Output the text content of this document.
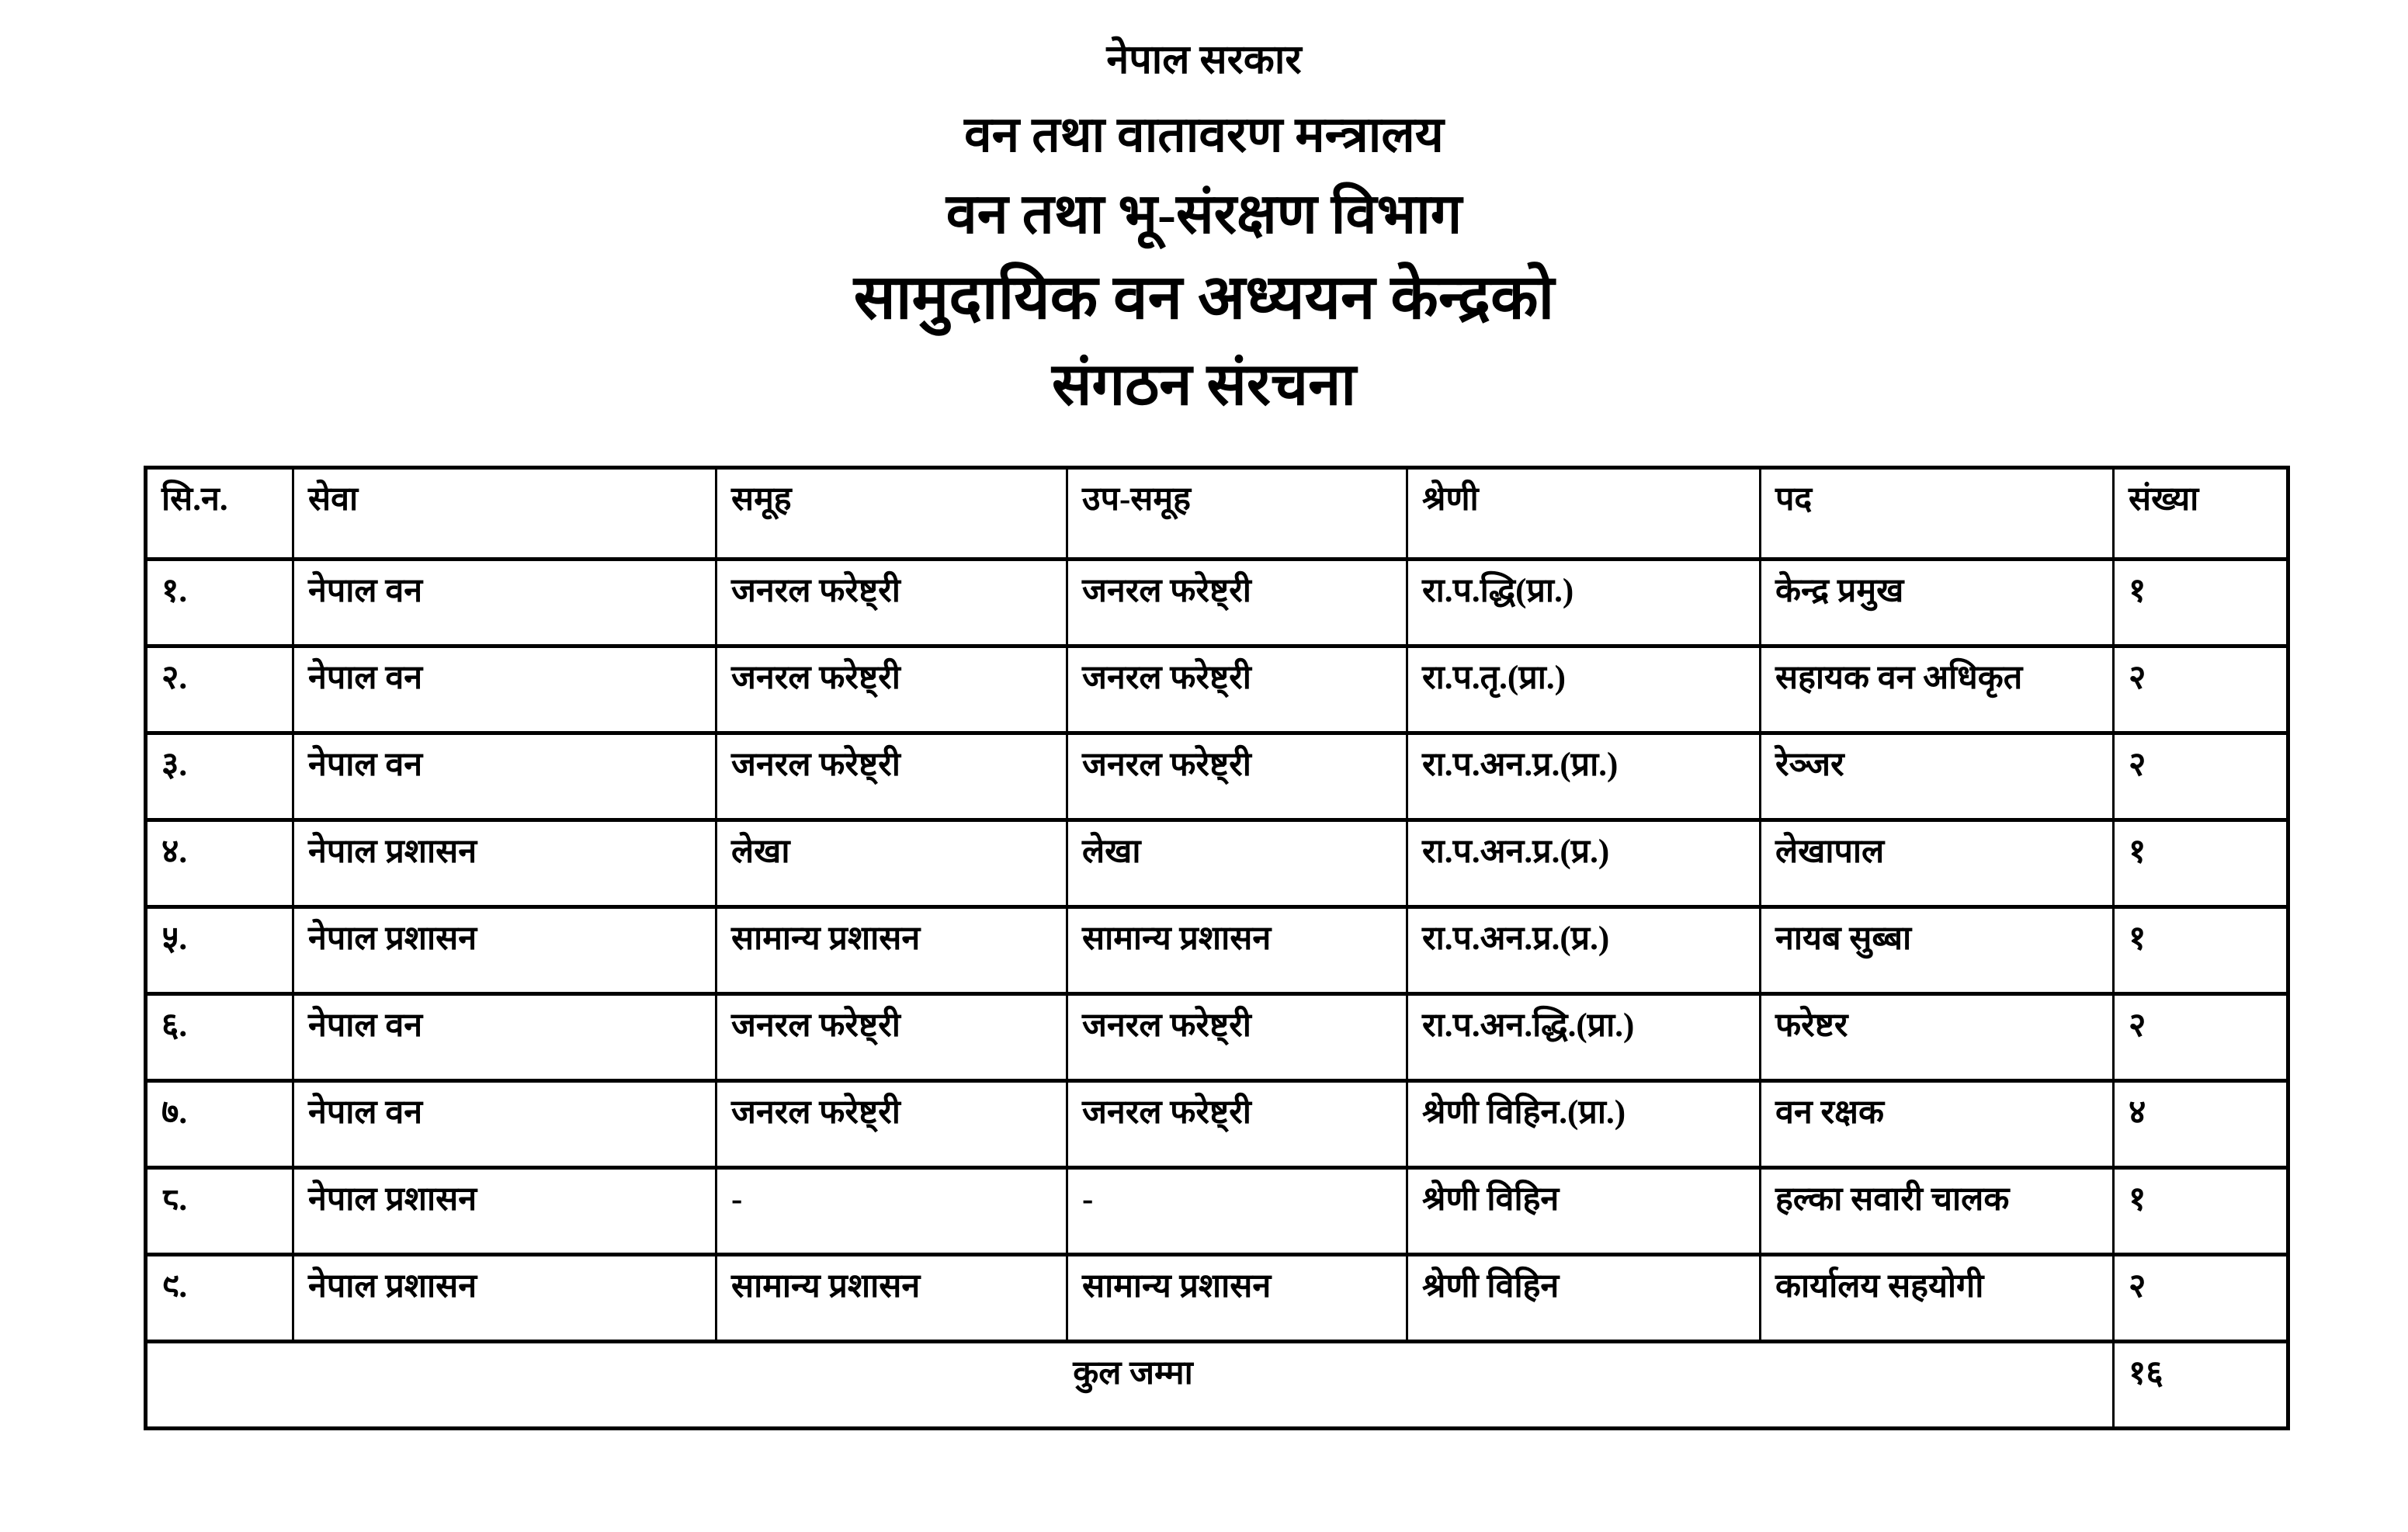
नेपाल सरकार
वन तथा वातावरण मन्त्रालय
वन तथा भू-संरक्षण विभाग
सामुदायिक वन अध्ययन केन्द्रको
संगठन संरचना
सि.न.	सेवा	समूह	उप-समूह	श्रेणी	पद	संख्या
१.	नेपाल वन	जनरल फरेष्ट्री	जनरल फरेष्ट्री	रा.प.द्धि(प्रा.)	केन्द्र प्रमुख	१
२.	नेपाल वन	जनरल फरेष्ट्री	जनरल फरेष्ट्री	रा.प.तृ.(प्रा.)	सहायक वन अधिकृत	२
३.	नेपाल वन	जनरल फरेष्ट्री	जनरल फरेष्ट्री	रा.प.अन.प्र.(प्रा.)	रेञ्जर	२
४.	नेपाल प्रशासन	लेखा	लेखा	रा.प.अन.प्र.(प्र.)	लेखापाल	१
५.	नेपाल प्रशासन	सामान्य प्रशासन	सामान्य प्रशासन	रा.प.अन.प्र.(प्र.)	नायब सुब्बा	१
६.	नेपाल वन	जनरल फरेष्ट्री	जनरल फरेष्ट्री	रा.प.अन.द्धि.(प्रा.)	फरेष्टर	२
७.	नेपाल वन	जनरल फरेष्ट्री	जनरल फरेष्ट्री	श्रेणी विहिन.(प्रा.)	वन रक्षक	४
८.	नेपाल प्रशासन	-	-	श्रेणी विहिन	हल्का सवारी चालक	१
९.	नेपाल प्रशासन	सामान्य प्रशासन	सामान्य प्रशासन	श्रेणी विहिन	कार्यालय सहयोगी	२
कुल जम्मा						१६
